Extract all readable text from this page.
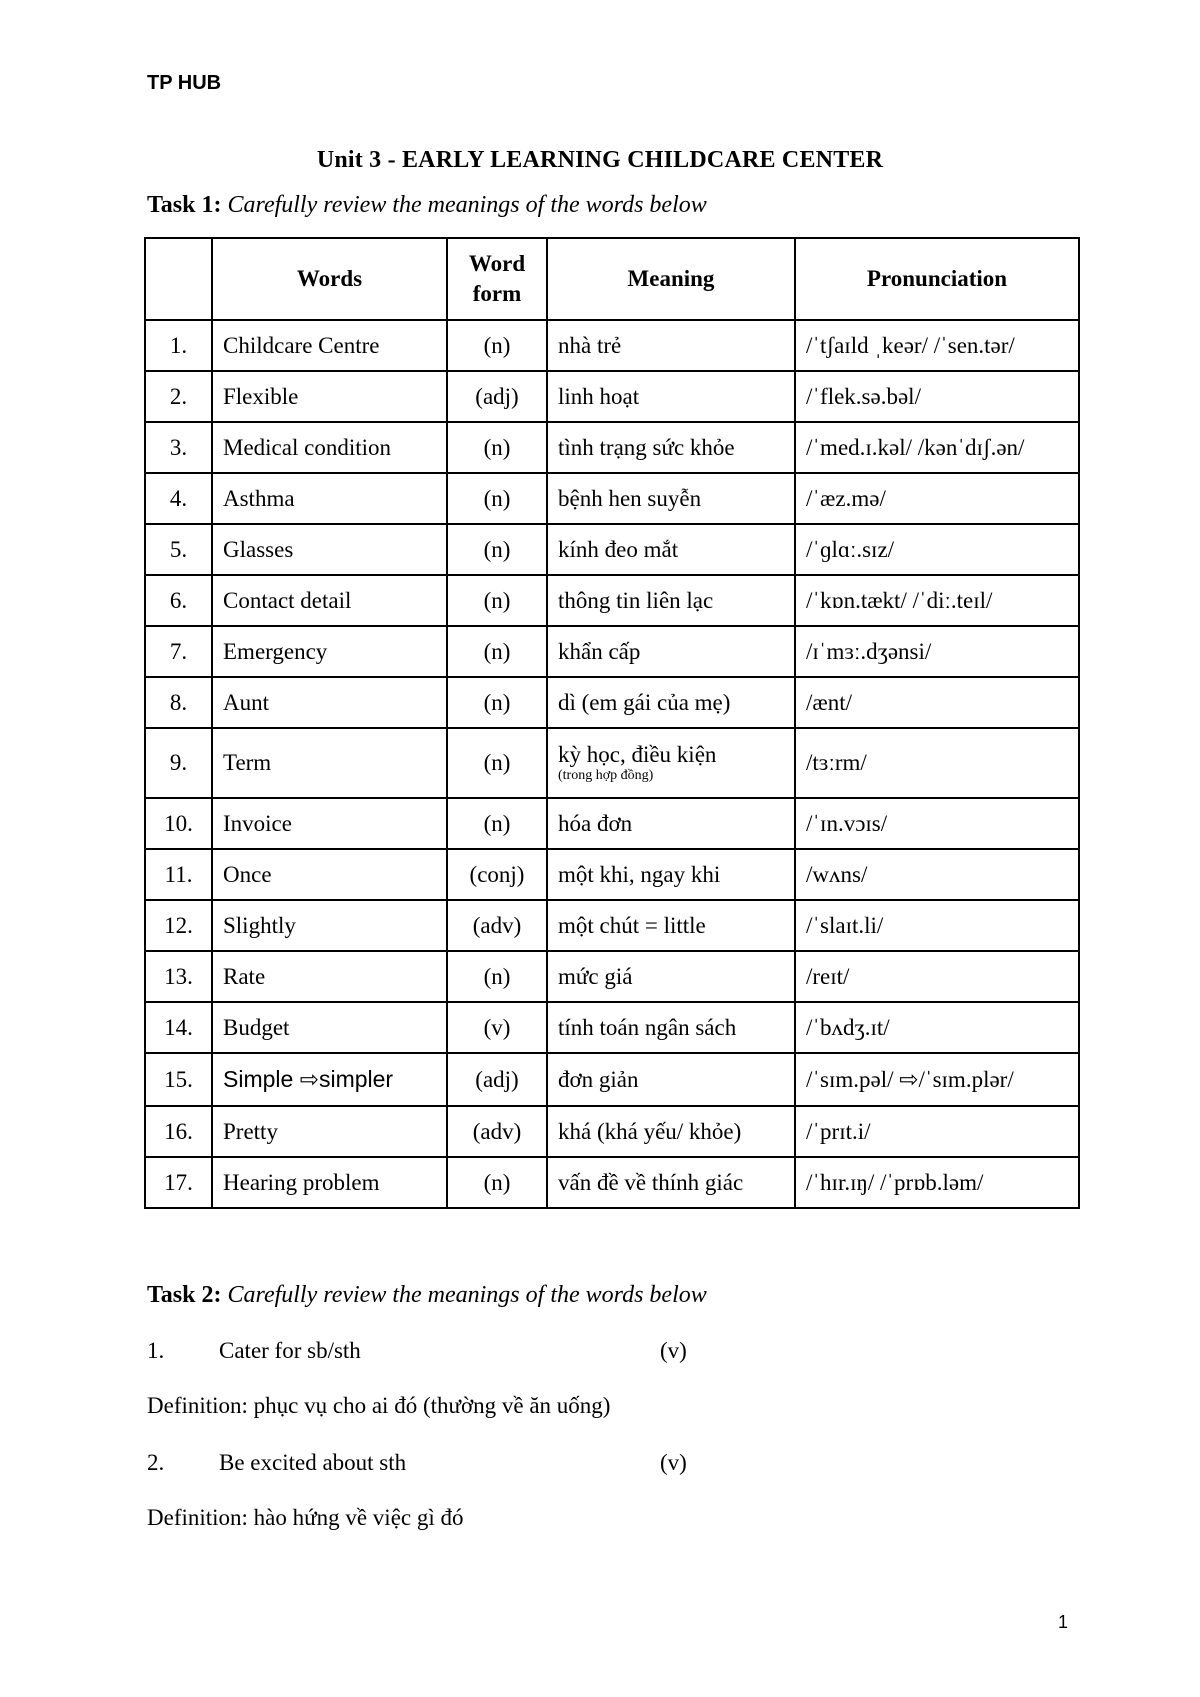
TP HUB
Unit 3 - EARLY LEARNING CHILDCARE CENTER
Task 1: Carefully review the meanings of the words below
	Words	Word form	Meaning	Pronunciation
1.	Childcare Centre	(n)	nhà trẻ	/ˈtʃaɪld ˌkeər/ /ˈsen.tər/
2.	Flexible	(adj)	linh hoạt	/ˈflek.sə.bəl/
3.	Medical condition	(n)	tình trạng sức khỏe	/ˈmed.ɪ.kəl/ /kənˈdɪʃ.ən/
4.	Asthma	(n)	bệnh hen suyễn	/ˈæz.mə/
5.	Glasses	(n)	kính đeo mắt	/ˈɡlɑː.sɪz/
6.	Contact detail	(n)	thông tin liên lạc	/ˈkɒn.tækt/ /ˈdiː.teɪl/
7.	Emergency	(n)	khẩn cấp	/ɪˈmɜː.dʒənsi/
8.	Aunt	(n)	dì (em gái của mẹ)	/ænt/
9.	Term	(n)	kỳ học, điều kiện
(trong hợp đồng)	/tɜːrm/
10.	Invoice	(n)	hóa đơn	/ˈɪn.vɔɪs/
11.	Once	(conj)	một khi, ngay khi	/wʌns/
12.	Slightly	(adv)	một chút = little	/ˈslaɪt.li/
13.	Rate	(n)	mức giá	/reɪt/
14.	Budget	(v)	tính toán ngân sách	/ˈbʌdʒ.ɪt/
15.	Simple ⇨simpler	(adj)	đơn giản	/ˈsɪm.pəl/ ⇨/ˈsɪm.plər/
16.	Pretty	(adv)	khá (khá yếu/ khỏe)	/ˈprɪt.i/
17.	Hearing problem	(n)	vấn đề về thính giác	/ˈhɪr.ɪŋ/ /ˈprɒb.ləm/
Task 2: Carefully review the meanings of the words below
1. Cater for sb/sth	(v)
Definition: phục vụ cho ai đó (thường về ăn uống)
2. Be excited about sth	(v)
Definition: hào hứng về việc gì đó
1
